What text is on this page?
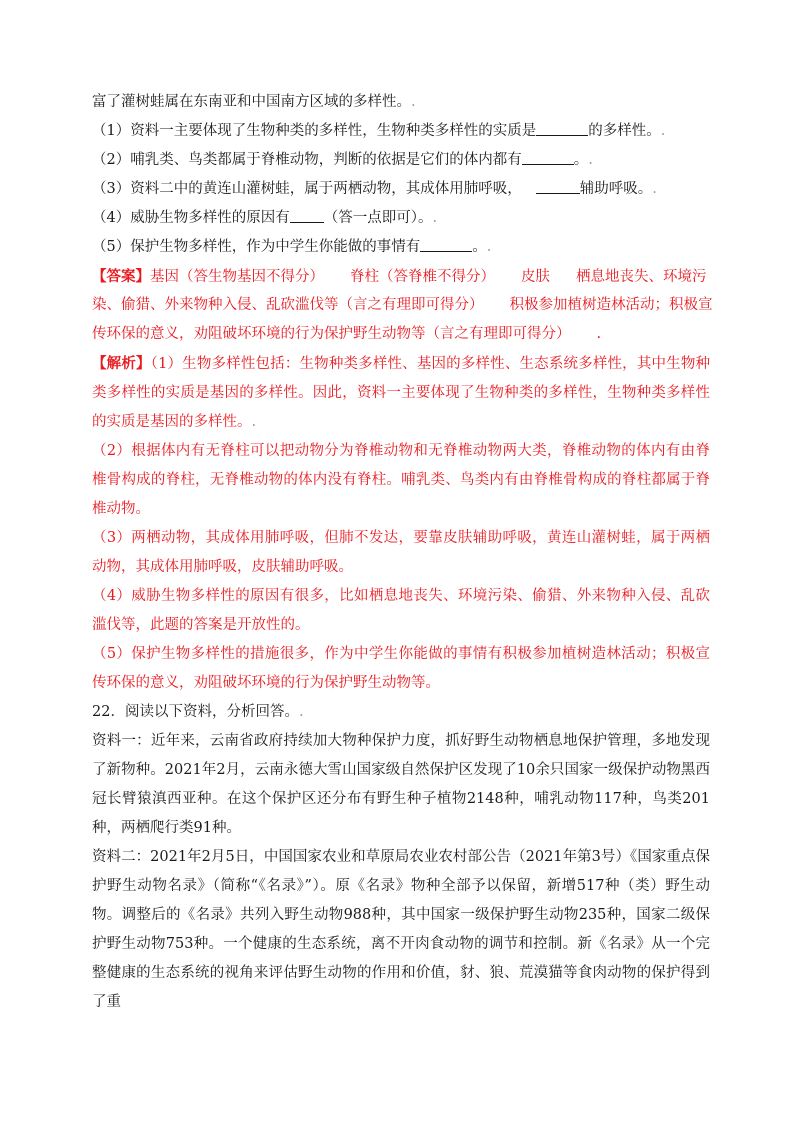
富了灌树蛙属在东南亚和中国南方区域的多样性。.
（1）资料一主要体现了生物种类的多样性，生物种类多样性的实质是	的多样性。.
（2）哺乳类、鸟类都属于脊椎动物，判断的依据是它们的体内都有	。.
（3）资料二中的黄连山灌树蛙，属于两栖动物，其成体用肺呼吸，	辅助呼吸。.
（4）威胁生物多样性的原因有 （答一点即可）。.
（5）保护生物多样性，作为中学生你能做的事情有	。.
【答案】基因（答生物基因不得分） 脊柱（答脊椎不得分） 皮肤 栖息地丧失、环境污
染、偷猎、外来物种入侵、乱砍滥伐等（言之有理即可得分） 积极参加植树造林活动；积极宣
传环保的意义，劝阻破坏环境的行为保护野生动物等（言之有理即可得分） .
【解析】（1）生物多样性包括：生物种类多样性、基因的多样性、生态系统多样性，其中生物种类多样性的实质是基因的多样性。因此，资料一主要体现了生物种类的多样性，生物种类多样性的实质是基因的多样性。.
（2）根据体内有无脊柱可以把动物分为脊椎动物和无脊椎动物两大类，脊椎动物的体内有由脊椎骨构成的脊柱，无脊椎动物的体内没有脊柱。哺乳类、鸟类内有由脊椎骨构成的脊柱都属于脊椎动物。
（3）两栖动物，其成体用肺呼吸，但肺不发达，要靠皮肤辅助呼吸，黄连山灌树蛙，属于两栖动物，其成体用肺呼吸，皮肤辅助呼吸。
（4）威胁生物多样性的原因有很多，比如栖息地丧失、环境污染、偷猎、外来物种入侵、乱砍滥伐等，此题的答案是开放性的。
（5）保护生物多样性的措施很多，作为中学生你能做的事情有积极参加植树造林活动；积极宣传环保的意义，劝阻破坏环境的行为保护野生动物等。
22．阅读以下资料，分析回答。.
资料一：近年来，云南省政府持续加大物种保护力度，抓好野生动物栖息地保护管理，多地发现了新物种。2021年2月，云南永德大雪山国家级自然保护区发现了10余只国家一级保护动物黑西冠长臂猿滇西亚种。在这个保护区还分布有野生种子植物2148种，哺乳动物117种，鸟类201种，两栖爬行类91种。
资料二：2021年2月5日，中国国家农业和草原局农业农村部公告（2021年第3号）《国家重点保护野生动物名录》（简称“《名录》”）。原《名录》物种全部予以保留，新增517种（类）野生动物。调整后的《名录》共列入野生动物988种，其中国家一级保护野生动物235种，国家二级保护野生动物753种。一个健康的生态系统，离不开肉食动物的调节和控制。新《名录》从一个完整健康的生态系统的视角来评估野生动物的作用和价值，豺、狼、荒漠猫等食肉动物的保护得到了重
